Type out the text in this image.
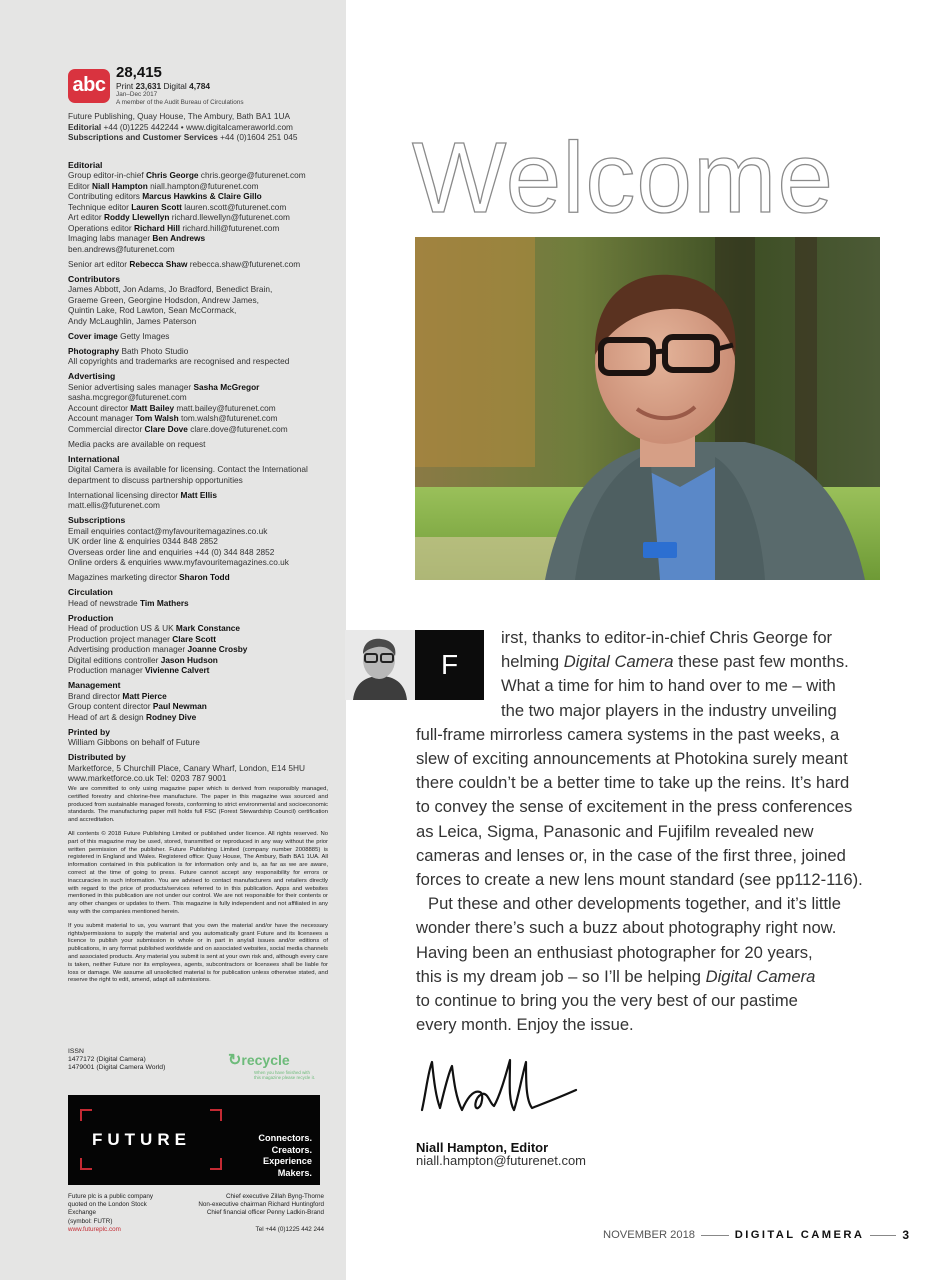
abc
28,415
Print 23,631 Digital 4,784
Jan–Dec 2017
A member of the Audit Bureau of Circulations
Future Publishing, Quay House, The Ambury, Bath BA1 1UA
Editorial +44 (0)1225 442244 • www.digitalcameraworld.com
Subscriptions and Customer Services +44 (0)1604 251 045
Editorial
Group editor-in-chief Chris George chris.george@futurenet.com
Editor Niall Hampton niall.hampton@futurenet.com
Contributing editors Marcus Hawkins & Claire Gillo
Technique editor Lauren Scott lauren.scott@futurenet.com
Art editor Roddy Llewellyn richard.llewellyn@futurenet.com
Operations editor Richard Hill richard.hill@futurenet.com
Imaging labs manager Ben Andrews
ben.andrews@futurenet.com
Senior art editor Rebecca Shaw rebecca.shaw@futurenet.com
Contributors
James Abbott, Jon Adams, Jo Bradford, Benedict Brain,
Graeme Green, Georgine Hodsdon, Andrew James,
Quintin Lake, Rod Lawton, Sean McCormack,
Andy McLaughlin, James Paterson
Cover image Getty Images
Photography Bath Photo Studio
All copyrights and trademarks are recognised and respected
Advertising
Senior advertising sales manager Sasha McGregor
sasha.mcgregor@futurenet.com
Account director Matt Bailey matt.bailey@futurenet.com
Account manager Tom Walsh tom.walsh@futurenet.com
Commercial director Clare Dove clare.dove@futurenet.com
Media packs are available on request
International
Digital Camera is available for licensing. Contact the International
department to discuss partnership opportunities
International licensing director Matt Ellis
matt.ellis@futurenet.com
Subscriptions
Email enquiries contact@myfavouritemagazines.co.uk
UK order line & enquiries 0344 848 2852
Overseas order line and enquiries +44 (0) 344 848 2852
Online orders & enquiries www.myfavouritemagazines.co.uk
Magazines marketing director Sharon Todd
Circulation
Head of newstrade Tim Mathers
Production
Head of production US & UK Mark Constance
Production project manager Clare Scott
Advertising production manager Joanne Crosby
Digital editions controller Jason Hudson
Production manager Vivienne Calvert
Management
Brand director Matt Pierce
Group content director Paul Newman
Head of art & design Rodney Dive
Printed by
William Gibbons on behalf of Future
Distributed by
Marketforce, 5 Churchill Place, Canary Wharf, London, E14 5HU
www.marketforce.co.uk Tel: 0203 787 9001

We are committed to only using magazine paper which is derived from responsibly managed, certified forestry and chlorine-free manufacture. The paper in this magazine was sourced and produced from sustainable managed forests, conforming to strict environmental and socioeconomic standards. The manufacturing paper mill holds full FSC (Forest Stewardship Council) certification and accreditation.

All contents © 2018 Future Publishing Limited or published under licence. All rights reserved. No part of this magazine may be used, stored, transmitted or reproduced in any way without the prior written permission of the publisher. Future Publishing Limited (company number 2008885) is registered in England and Wales. Registered office: Quay House, The Ambury, Bath BA1 1UA. All information contained in this publication is for information only and is, as far as we are aware, correct at the time of going to press. Future cannot accept any responsibility for errors or inaccuracies in such information. You are advised to contact manufacturers and retailers directly with regard to the price of products/services referred to in this publication. Apps and websites mentioned in this publication are not under our control. We are not responsible for their contents or any other changes or updates to them. This magazine is fully independent and not affiliated in any way with the companies mentioned herein.

If you submit material to us, you warrant that you own the material and/or have the necessary rights/permissions to supply the material and you automatically grant Future and its licensees a licence to publish your submission in whole or in part in any/all issues and/or editions of publications, in any format published worldwide and on associated websites, social media channels and associated products. Any material you submit is sent at your own risk and, although every care is taken, neither Future nor its employees, agents, subcontractors or licensees shall be liable for loss or damage. We assume all unsolicited material is for publication unless otherwise stated, and reserve the right to edit, amend, adapt all submissions.

ISSN
1477172 (Digital Camera)
1479001 (Digital Camera World)	↻recycle
When you have finished with
this magazine please recycle it.
FUTURE	Connectors.
Creators.
Experience
Makers.
Future plc is a public company
quoted on the London Stock
Exchange
(symbol: FUTR)
www.futureplc.com
Chief executive Zillah Byng-Thorne
Non-executive chairman Richard Huntingford
Chief financial officer Penny Ladkin-Brand
Tel +44 (0)1225 442 244
Welcome
F

irst, thanks to editor-in-chief Chris George for
helming Digital Camera these past few months.
What a time for him to hand over to me – with
the two major players in the industry unveiling
full-frame mirrorless camera systems in the past weeks, a
slew of exciting announcements at Photokina surely meant
there couldn’t be a better time to take up the reins. It’s hard
to convey the sense of excitement in the press conferences
as Leica, Sigma, Panasonic and Fujifilm revealed new
cameras and lenses or, in the case of the first three, joined
forces to create a new lens mount standard (see pp112-116).

Put these and other developments together, and it’s little
wonder there’s such a buzz about photography right now.
Having been an enthusiast photographer for 20 years,
this is my dream job – so I’ll be helping Digital Camera
to continue to bring you the very best of our pastime
every month. Enjoy the issue.

Niall Hampton, Editor
niall.hampton@futurenet.com
NOVEMBER 2018	DIGITAL CAMERA	3
